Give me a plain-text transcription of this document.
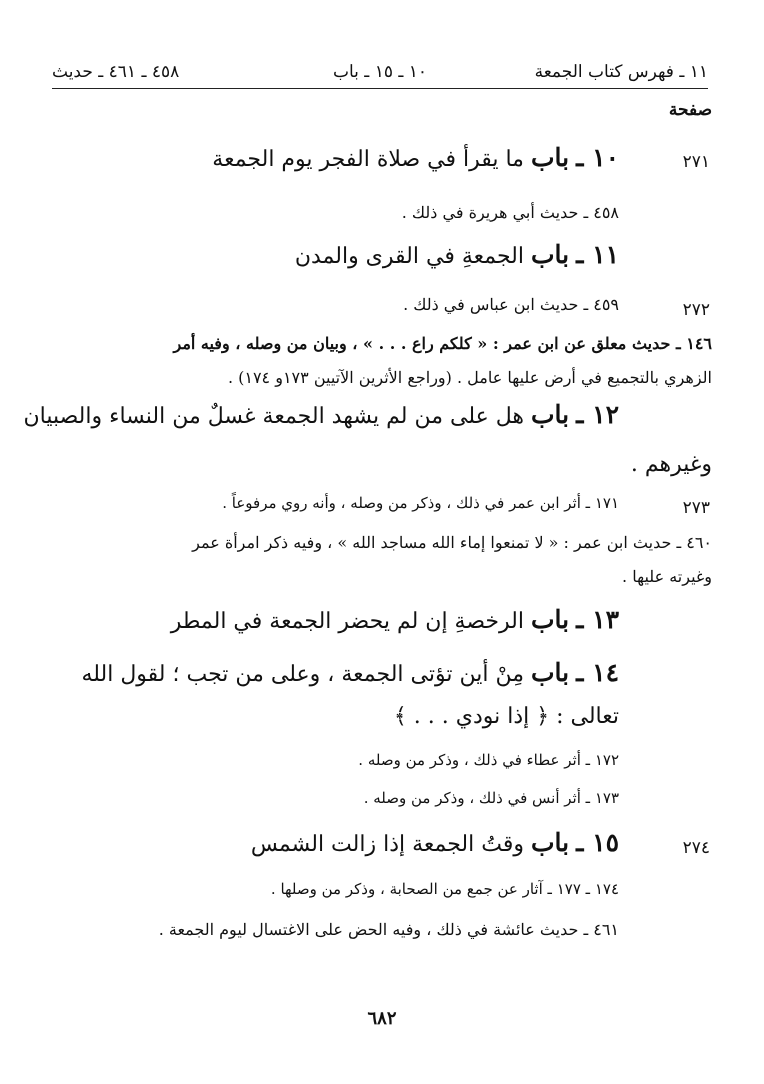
١١ ـ فهرس كتاب الجمعة
١٠ ـ ١٥ ـ باب
٤٥٨ ـ ٤٦١ ـ حديث
صفحة
٢٧١
١٠ ـ باب ما يقرأ في صلاة الفجر يوم الجمعة
٤٥٨ ـ حديث أبي هريرة في ذلك .
١١ ـ باب الجمعةِ في القرى والمدن
٢٧٢
٤٥٩ ـ حديث ابن عباس في ذلك .
١٤٦ ـ حديث معلق عن ابن عمر : « كلكم راع . . . » ، وبيان من وصله ، وفيه أمر
الزهري بالتجميع في أرض عليها عامل . (وراجع الأثرين الآتيين ١٧٣و ١٧٤) .
١٢ ـ باب هل على من لم يشهد الجمعة غسلٌ من النساء والصبيان
وغيرهم .
٢٧٣
١٧١ ـ أثر ابن عمر في ذلك ، وذكر من وصله ، وأنه روي مرفوعاً .
٤٦٠ ـ حديث ابن عمر : « لا تمنعوا إماء الله مساجد الله » ، وفيه ذكر امرأة عمر
وغيرته عليها .
١٣ ـ باب الرخصةِ إن لم يحضر الجمعة في المطر
١٤ ـ باب مِنْ أين تؤتى الجمعة ، وعلى من تجب ؛ لقول الله
تعالى : ﴿ إذا نودي . . . ﴾
١٧٢ ـ أثر عطاء في ذلك ، وذكر من وصله .
١٧٣ ـ أثر أنس في ذلك ، وذكر من وصله .
٢٧٤
١٥ ـ باب وقتُ الجمعة إذا زالت الشمس
١٧٤ ـ ١٧٧ ـ آثار عن جمع من الصحابة ، وذكر من وصلها .
٤٦١ ـ حديث عائشة في ذلك ، وفيه الحض على الاغتسال ليوم الجمعة .
٦٨٢
